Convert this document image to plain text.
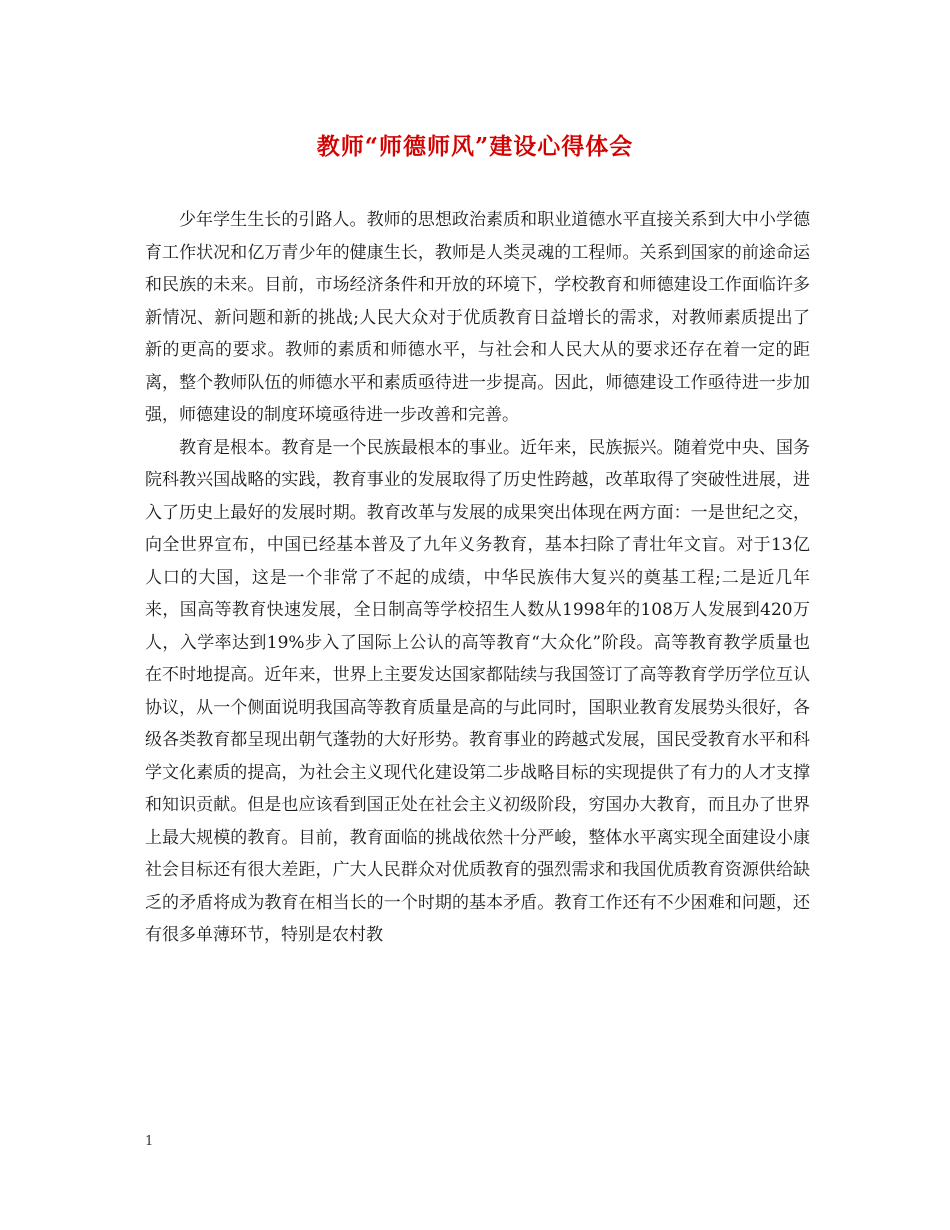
教师“师德师风”建设心得体会

少年学生生长的引路人。教师的思想政治素质和职业道德水平直接关系到大中小学德育工作状况和亿万青少年的健康生长，教师是人类灵魂的工程师。关系到国家的前途命运和民族的未来。目前，市场经济条件和开放的环境下，学校教育和师德建设工作面临许多新情况、新问题和新的挑战;人民大众对于优质教育日益增长的需求，对教师素质提出了新的更高的要求。教师的素质和师德水平，与社会和人民大从的要求还存在着一定的距离，整个教师队伍的师德水平和素质亟待进一步提高。因此，师德建设工作亟待进一步加强，师德建设的制度环境亟待进一步改善和完善。

教育是根本。教育是一个民族最根本的事业。近年来，民族振兴。随着党中央、国务院科教兴国战略的实践，教育事业的发展取得了历史性跨越，改革取得了突破性进展，进入了历史上最好的发展时期。教育改革与发展的成果突出体现在两方面：一是世纪之交，向全世界宣布，中国已经基本普及了九年义务教育，基本扫除了青壮年文盲。对于13亿人口的大国，这是一个非常了不起的成绩，中华民族伟大复兴的奠基工程;二是近几年来，国高等教育快速发展，全日制高等学校招生人数从1998年的108万人发展到420万人，入学率达到19%步入了国际上公认的高等教育“大众化”阶段。高等教育教学质量也在不时地提高。近年来，世界上主要发达国家都陆续与我国签订了高等教育学历学位互认协议，从一个侧面说明我国高等教育质量是高的与此同时，国职业教育发展势头很好，各级各类教育都呈现出朝气蓬勃的大好形势。教育事业的跨越式发展，国民受教育水平和科学文化素质的提高，为社会主义现代化建设第二步战略目标的实现提供了有力的人才支撑和知识贡献。但是也应该看到国正处在社会主义初级阶段，穷国办大教育，而且办了世界上最大规模的教育。目前，教育面临的挑战依然十分严峻，整体水平离实现全面建设小康社会目标还有很大差距，广大人民群众对优质教育的强烈需求和我国优质教育资源供给缺乏的矛盾将成为教育在相当长的一个时期的基本矛盾。教育工作还有不少困难和问题，还有很多单薄环节，特别是农村教

1
